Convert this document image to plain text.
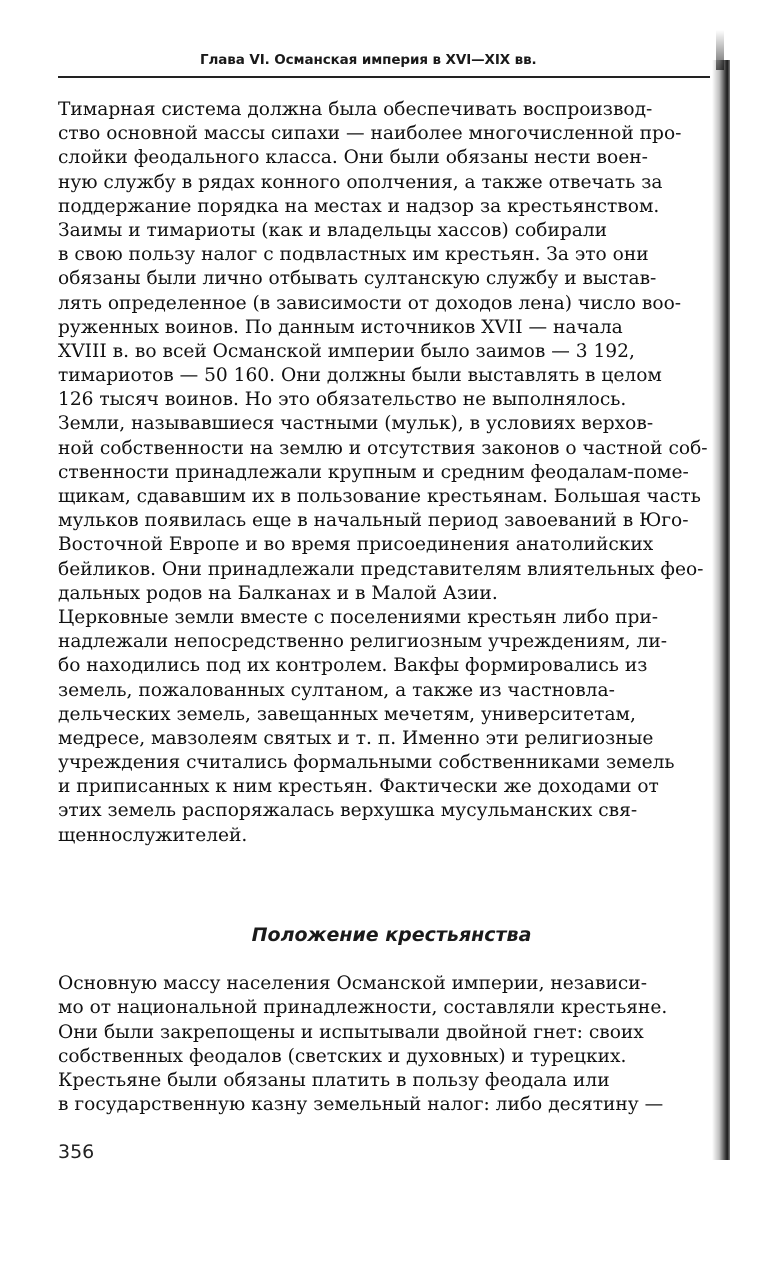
Глава VI. Османская империя в XVI—XIX вв.
Тимарная система должна была обеспечивать воспроизвод-
ство основной массы сипахи — наиболее многочисленной про-
слойки феодального класса. Они были обязаны нести воен-
ную службу в рядах конного ополчения, а также отвечать за
поддержание порядка на местах и надзор за крестьянством.
Заимы и тимариоты (как и владельцы хассов) собирали
в свою пользу налог с подвластных им крестьян. За это они
обязаны были лично отбывать султанскую службу и выстав-
лять определенное (в зависимости от доходов лена) число воо-
руженных воинов. По данным источников XVII — начала
XVIII в. во всей Османской империи было заимов — 3 192,
тимариотов — 50 160. Они должны были выставлять в целом
126 тысяч воинов. Но это обязательство не выполнялось.
Земли, называвшиеся частными (мульк), в условиях верхов-
ной собственности на землю и отсутствия законов о частной соб-
ственности принадлежали крупным и средним феодалам-поме-
щикам, сдававшим их в пользование крестьянам. Большая часть
мульков появилась еще в начальный период завоеваний в Юго-
Восточной Европе и во время присоединения анатолийских
бейликов. Они принадлежали представителям влиятельных фео-
дальных родов на Балканах и в Малой Азии.
Церковные земли вместе с поселениями крестьян либо при-
надлежали непосредственно религиозным учреждениям, ли-
бо находились под их контролем. Вакфы формировались из
земель, пожалованных султаном, а также из частновла-
дельческих земель, завещанных мечетям, университетам,
медресе, мавзолеям святых и т. п. Именно эти религиозные
учреждения считались формальными собственниками земель
и приписанных к ним крестьян. Фактически же доходами от
этих земель распоряжалась верхушка мусульманских свя-
щеннослужителей.
Положение крестьянства
Основную массу населения Османской империи, независи-
мо от национальной принадлежности, составляли крестьяне.
Они были закрепощены и испытывали двойной гнет: своих
собственных феодалов (светских и духовных) и турецких.
Крестьяне были обязаны платить в пользу феодала или
в государственную казну земельный налог: либо десятину —
356
